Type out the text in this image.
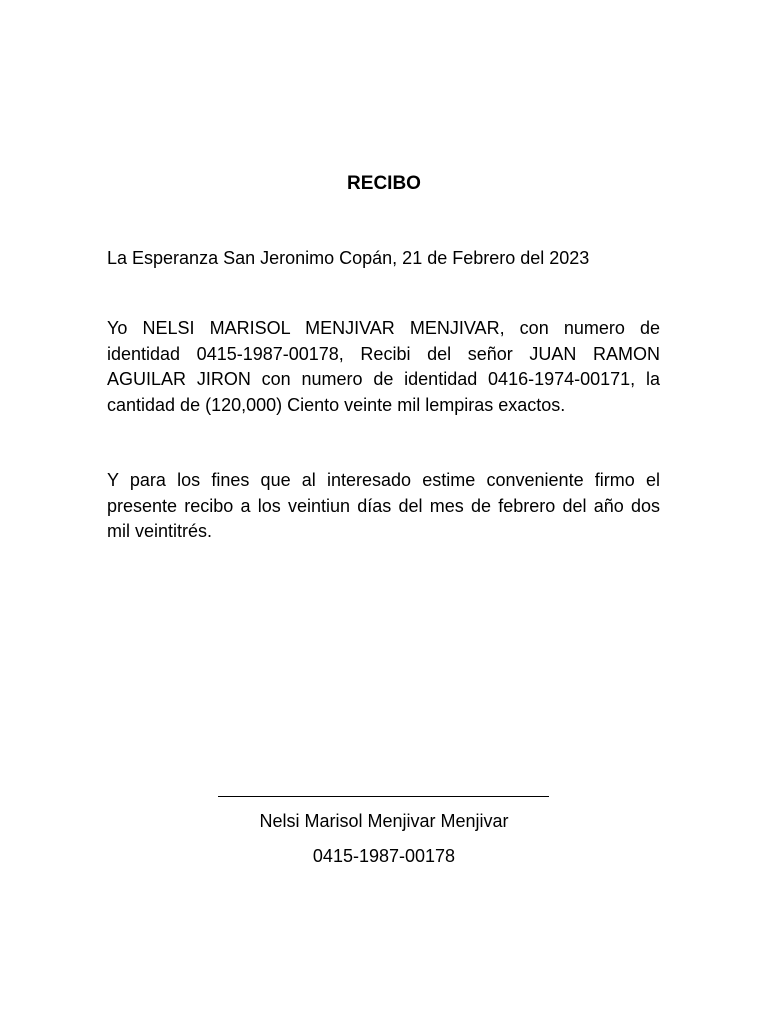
RECIBO
La Esperanza San Jeronimo Copán, 21 de Febrero del 2023
Yo NELSI MARISOL MENJIVAR MENJIVAR, con numero de identidad 0415-1987-00178, Recibi del señor JUAN RAMON AGUILAR JIRON con numero de identidad 0416-1974-00171, la cantidad de (120,000) Ciento veinte mil lempiras exactos.
Y para los fines que al interesado estime conveniente firmo el presente recibo a los veintiun días del mes de febrero del año dos mil veintitrés.
Nelsi Marisol Menjivar Menjivar
0415-1987-00178
